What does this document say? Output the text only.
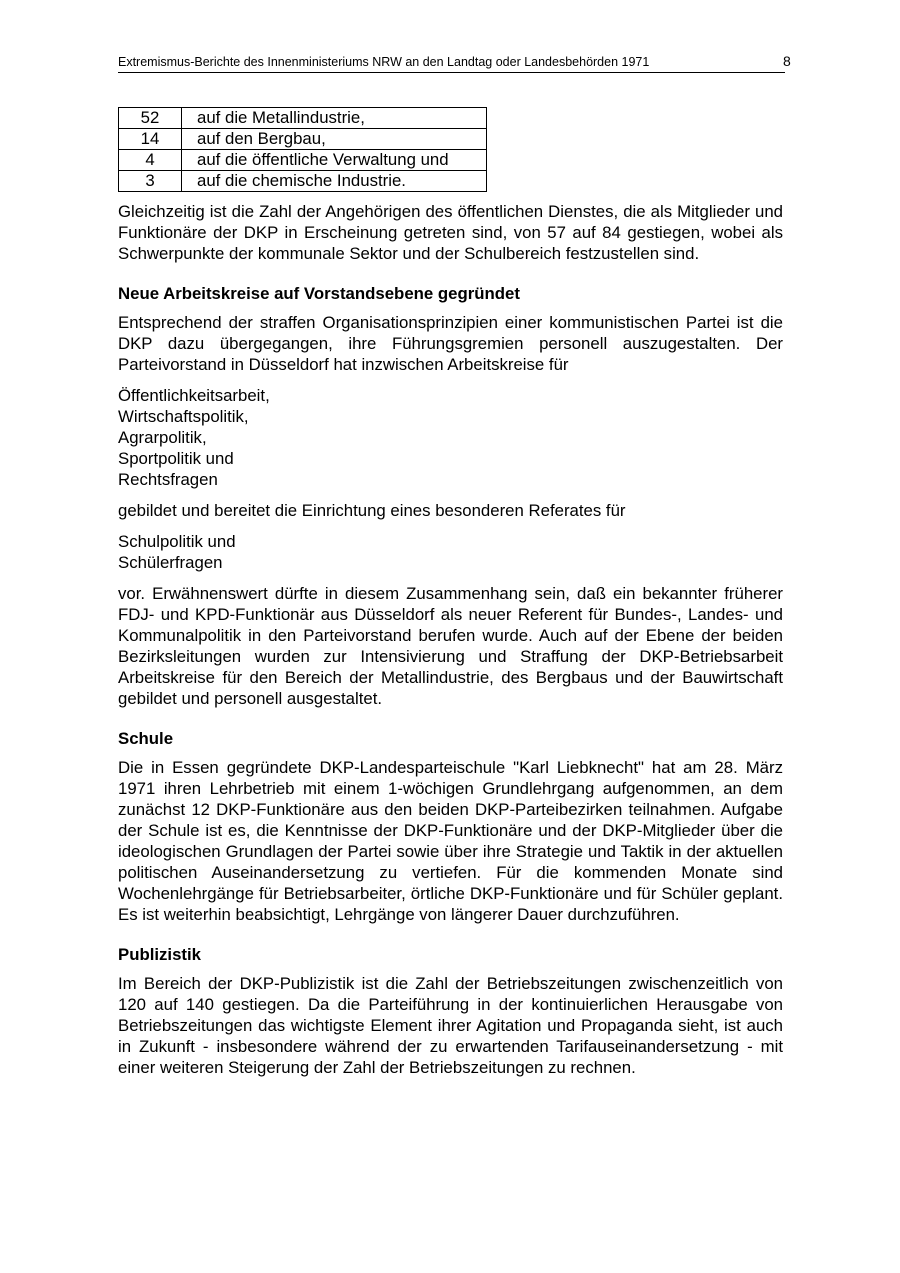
Extremismus-Berichte des Innenministeriums NRW an den Landtag oder Landesbehörden 1971	8
52	auf die Metallindustrie,
14	auf den Bergbau,
4	auf die öffentliche Verwaltung und
3	auf die chemische Industrie.

Gleichzeitig ist die Zahl der Angehörigen des öffentlichen Dienstes, die als Mitglieder und Funktionäre der DKP in Erscheinung getreten sind, von 57 auf 84 gestiegen, wobei als Schwerpunkte der kommunale Sektor und der Schulbereich festzustellen sind.

Neue Arbeitskreise auf Vorstandsebene gegründet

Entsprechend der straffen Organisationsprinzipien einer kommunistischen Partei ist die DKP dazu übergegangen, ihre Führungsgremien personell auszugestalten. Der Parteivorstand in Düsseldorf hat inzwischen Arbeitskreise für

Öffentlichkeitsarbeit,
Wirtschaftspolitik,
Agrarpolitik,
Sportpolitik und
Rechtsfragen

gebildet und bereitet die Einrichtung eines besonderen Referates für

Schulpolitik und
Schülerfragen

vor. Erwähnenswert dürfte in diesem Zusammenhang sein, daß ein bekannter früherer FDJ- und KPD-Funktionär aus Düsseldorf als neuer Referent für Bundes-, Landes- und Kommunalpolitik in den Parteivorstand berufen wurde. Auch auf der Ebene der beiden Bezirksleitungen wurden zur Intensivierung und Straffung der DKP-Betriebsarbeit Arbeitskreise für den Bereich der Metallindustrie, des Bergbaus und der Bauwirtschaft gebildet und personell ausgestaltet.

Schule

Die in Essen gegründete DKP-Landesparteischule "Karl Liebknecht" hat am 28. März 1971 ihren Lehrbetrieb mit einem 1-wöchigen Grundlehrgang aufgenommen, an dem zunächst 12 DKP-Funktionäre aus den beiden DKP-Parteibezirken teilnahmen. Aufgabe der Schule ist es, die Kenntnisse der DKP-Funktionäre und der DKP-Mitglieder über die ideologischen Grundlagen der Partei sowie über ihre Strategie und Taktik in der aktuellen politischen Auseinandersetzung zu vertiefen. Für die kommenden Monate sind Wochenlehrgänge für Betriebsarbeiter, örtliche DKP-Funktionäre und für Schüler geplant. Es ist weiterhin beabsichtigt, Lehrgänge von längerer Dauer durchzuführen.

Publizistik

Im Bereich der DKP-Publizistik ist die Zahl der Betriebszeitungen zwischenzeitlich von 120 auf 140 gestiegen. Da die Parteiführung in der kontinuierlichen Herausgabe von Betriebszeitungen das wichtigste Element ihrer Agitation und Propaganda sieht, ist auch in Zukunft - insbesondere während der zu erwartenden Tarifauseinandersetzung - mit einer weiteren Steigerung der Zahl der Betriebszeitungen zu rechnen.
